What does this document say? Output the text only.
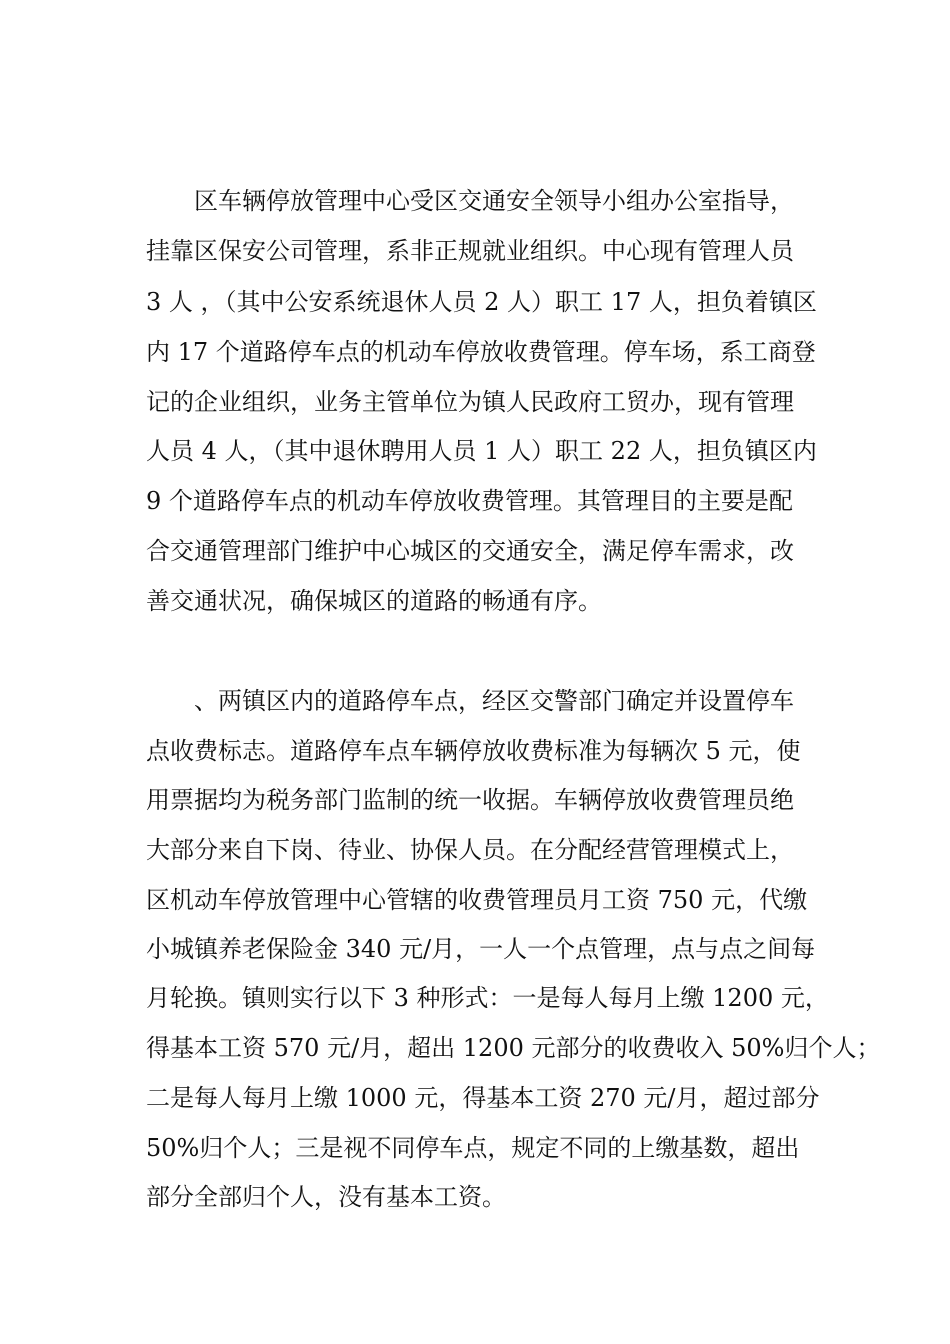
区车辆停放管理中心受区交通安全领导小组办公室指导，

挂靠区保安公司管理，系非正规就业组织。中心现有管理人员

3 人 ，（其中公安系统退休人员 2 人）职工 17 人，担负着镇区

内 17 个道路停车点的机动车停放收费管理。停车场，系工商登

记的企业组织，业务主管单位为镇人民政府工贸办，现有管理

人员 4 人，（其中退休聘用人员 1 人）职工 22 人，担负镇区内

9 个道路停车点的机动车停放收费管理。其管理目的主要是配

合交通管理部门维护中心城区的交通安全，满足停车需求，改

善交通状况，确保城区的道路的畅通有序。

、两镇区内的道路停车点，经区交警部门确定并设置停车

点收费标志。道路停车点车辆停放收费标准为每辆次 5 元，使

用票据均为税务部门监制的统一收据。车辆停放收费管理员绝

大部分来自下岗、待业、协保人员。在分配经营管理模式上，

区机动车停放管理中心管辖的收费管理员月工资 750 元，代缴

小城镇养老保险金 340 元/月，一人一个点管理，点与点之间每

月轮换。镇则实行以下 3 种形式：一是每人每月上缴 1200 元，

得基本工资 570 元/月，超出 1200 元部分的收费收入 50%归个人；

二是每人每月上缴 1000 元，得基本工资 270 元/月，超过部分

50%归个人；三是视不同停车点，规定不同的上缴基数，超出

部分全部归个人，没有基本工资。
